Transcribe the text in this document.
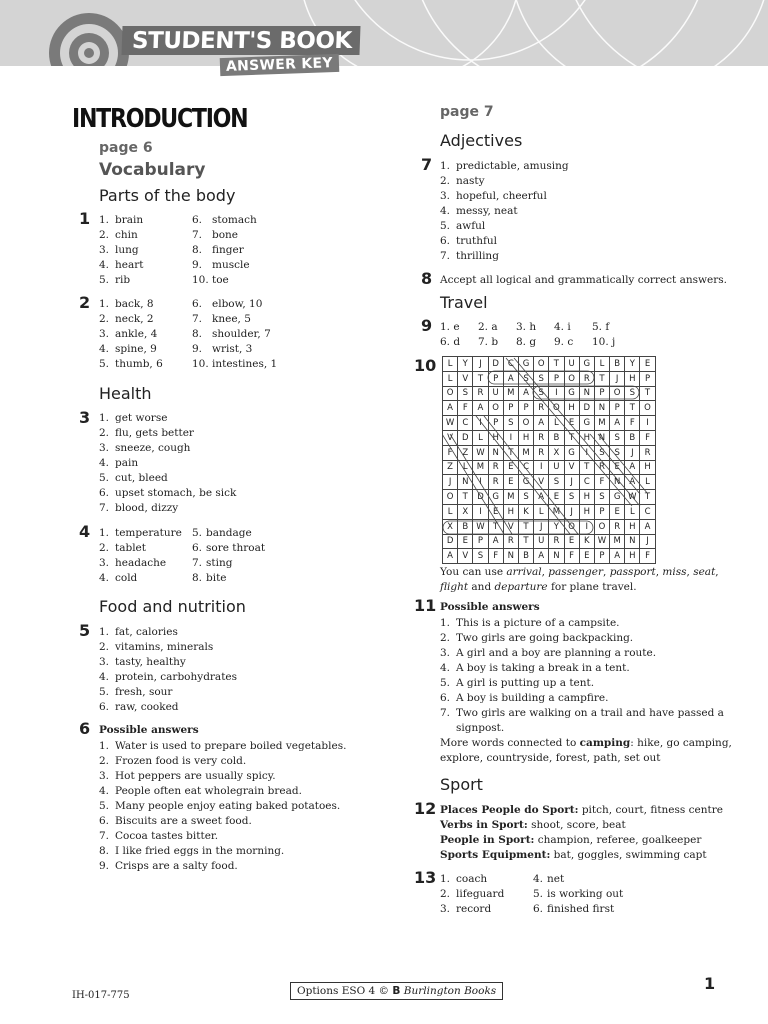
STUDENT'S BOOK
ANSWER KEY
INTRODUCTION
page 6
Vocabulary
Parts of the body
1 1. brain
2. chin
3. lung
4. heart
5. rib
6. stomach
7. bone
8. finger
9. muscle
10. toe
2 1. back, 8
2. neck, 2
3. ankle, 4
4. spine, 9
5. thumb, 6
6. elbow, 10
7. knee, 5
8. shoulder, 7
9. wrist, 3
10. intestines, 1
Health
3 1. get worse
2. flu, gets better
3. sneeze, cough
4. pain
5. cut, bleed
6. upset stomach, be sick
7. blood, dizzy
4 1. temperature
2. tablet
3. headache
4. cold
5. bandage
6. sore throat
7. sting
8. bite
Food and nutrition
5 1. fat, calories
2. vitamins, minerals
3. tasty, healthy
4. protein, carbohydrates
5. fresh, sour
6. raw, cooked
6 Possible answers
1. Water is used to prepare boiled vegetables.
2. Frozen food is very cold.
3. Hot peppers are usually spicy.
4. People often eat wholegrain bread.
5. Many people enjoy eating baked potatoes.
6. Biscuits are a sweet food.
7. Cocoa tastes bitter.
8. I like fried eggs in the morning.
9. Crisps are a salty food.
page 7
Adjectives
7 1. predictable, amusing
2. nasty
3. hopeful, cheerful
4. messy, neat
5. awful
6. truthful
7. thrilling
8 Accept all logical and grammatically correct answers.
Travel
9 1. e 2. a 3. h 4. i 5. f
6. d 7. b 8. g 9. c 10. j
10 L	Y	J	D	C	G	O	T	U	G	L	B	Y	E
L	V	T	P	A	S	S	P	O	R	T	J	H	P
O	S	R	U	M	A	S	I	G	N	P	O	S	T
A	F	A	O	P	P	R	O	H	D	N	P	T	O
W	C	I	P	S	O	A	L	E	G	M	A	F	I
V	D	L	H	I	H	R	B	T	H	N	S	B	F
F	Z	W	N	T	M	R	X	G	I	S	S	J	R
Z	L	M	R	E	C	I	U	V	T	R	E	A	H
J	N	I	R	E	G	V	S	J	C	F	N	A	L
O	T	D	G	M	S	A	E	S	H	S	G	W	T
L	X	I	E	H	K	L	M	J	H	P	E	L	C
X	B	W	T	V	T	J	Y	O	I	O	R	H	A
D	E	P	A	R	T	U	R	E	K	W	M	N	J
A	V	S	F	N	B	A	N	F	E	P	A	H	F
You can use arrival, passenger, passport, miss, seat,
flight and departure for plane travel.
11 Possible answers
1. This is a picture of a campsite.
2. Two girls are going backpacking.
3. A girl and a boy are planning a route.
4. A boy is taking a break in a tent.
5. A girl is putting up a tent.
6. A boy is building a campfire.
7. Two girls are walking on a trail and have passed a
signpost.
More words connected to camping: hike, go camping,
explore, countryside, forest, path, set out
Sport
12 Places People do Sport: pitch, court, fitness centre
Verbs in Sport: shoot, score, beat
People in Sport: champion, referee, goalkeeper
Sports Equipment: bat, goggles, swimming capt
13 1. coach
2. lifeguard
3. record
4. net
5. is working out
6. finished first
IH-017-775	Options ESO 4 © B Burlington Books	1
